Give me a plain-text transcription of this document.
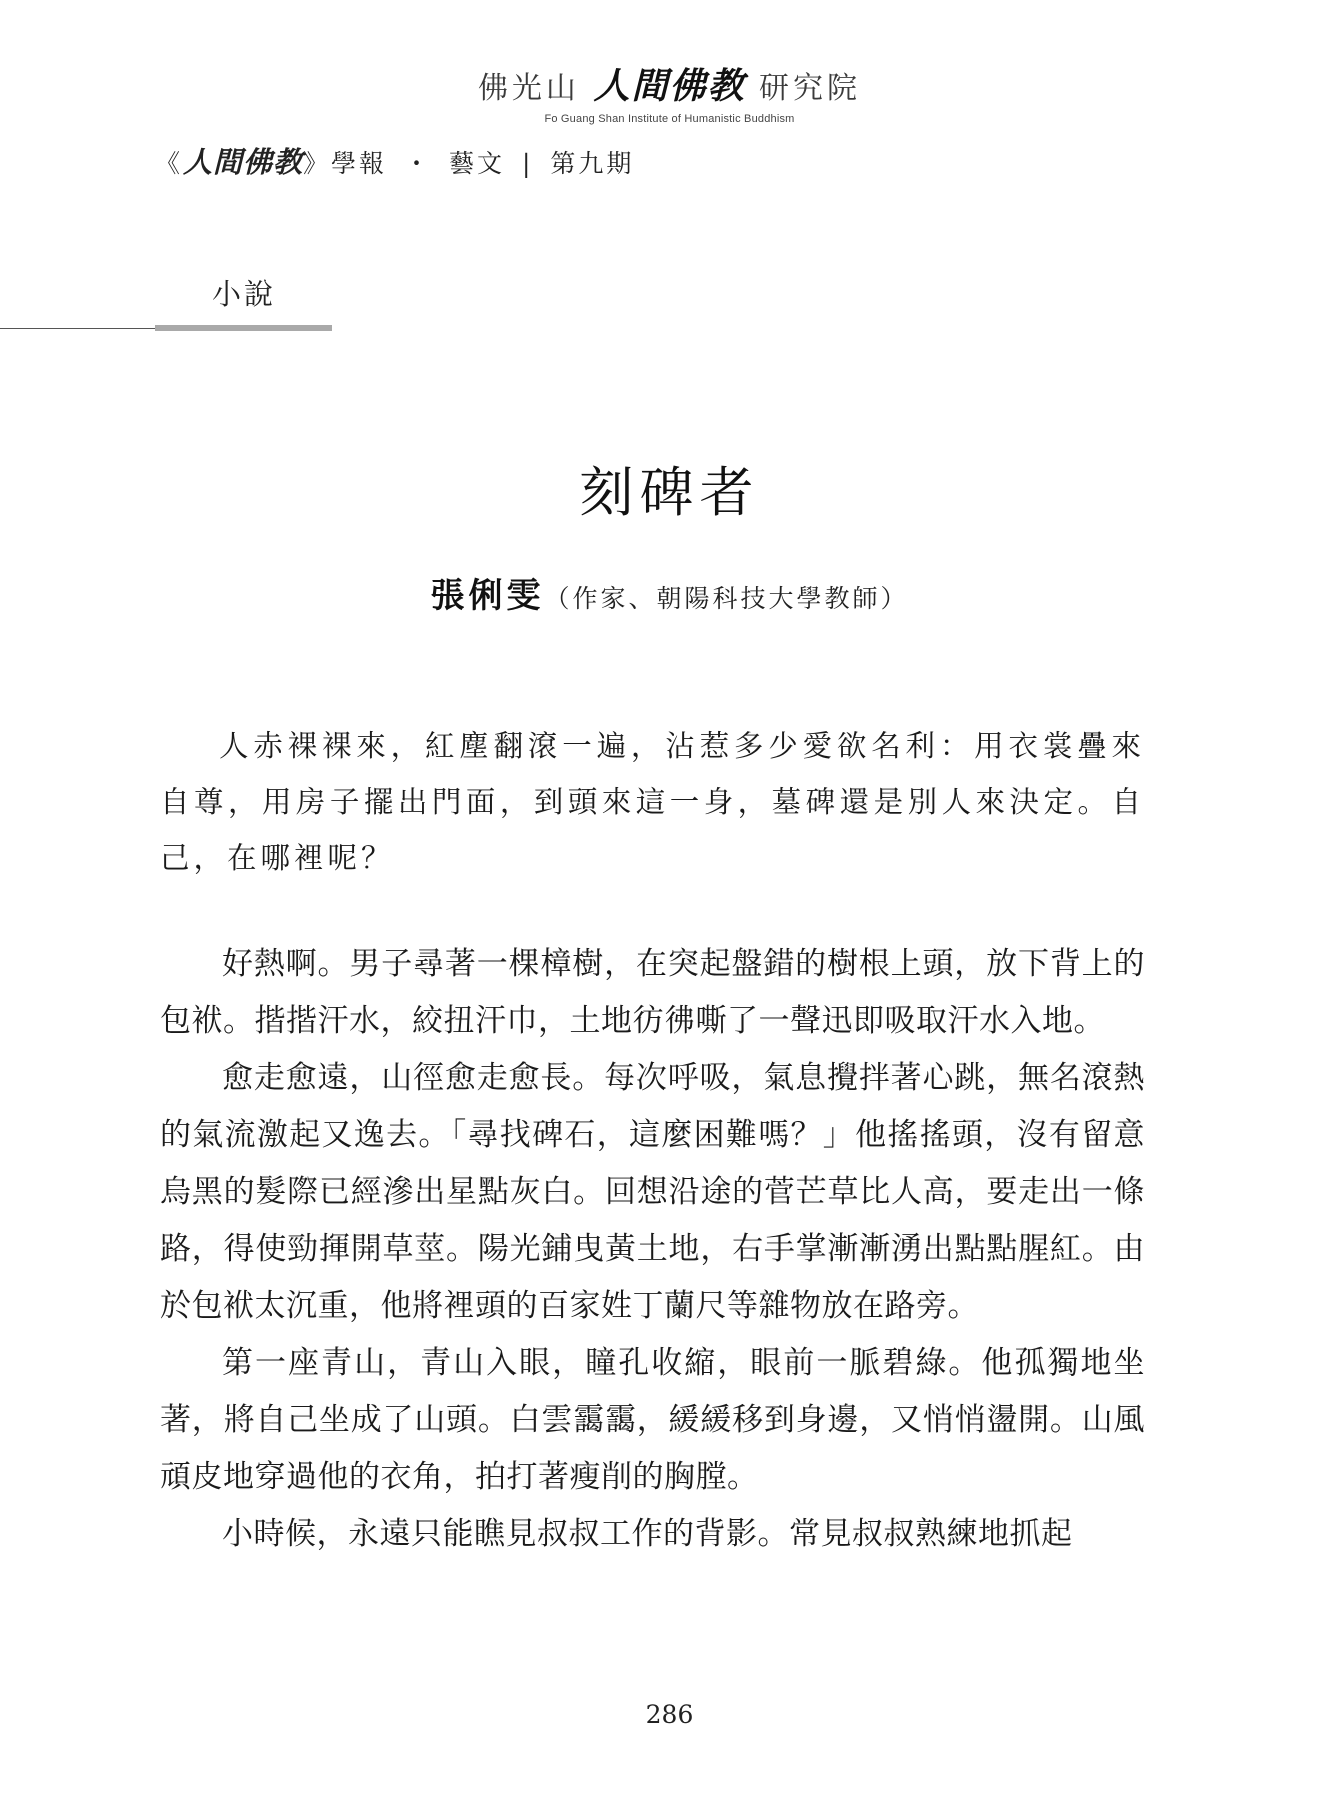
佛光山 人間佛教 研究院
Fo Guang Shan Institute of Humanistic Buddhism
《人間佛教》學報 ・ 藝文 | 第九期
小說
刻碑者
張俐雯（作家、朝陽科技大學教師）

人赤裸裸來，紅塵翻滾一遍，沾惹多少愛欲名利：用衣裳疊來自尊，用房子擺出門面，到頭來這一身，墓碑還是別人來決定。自己，在哪裡呢？

好熱啊。男子尋著一棵樟樹，在突起盤錯的樹根上頭，放下背上的包袱。揩揩汗水，絞扭汗巾，土地彷彿嘶了一聲迅即吸取汗水入地。

愈走愈遠，山徑愈走愈長。每次呼吸，氣息攪拌著心跳，無名滾熱的氣流激起又逸去。「尋找碑石，這麼困難嗎？」他搖搖頭，沒有留意烏黑的髮際已經滲出星點灰白。回想沿途的菅芒草比人高，要走出一條路，得使勁揮開草莖。陽光鋪曳黃土地，右手掌漸漸湧出點點腥紅。由於包袱太沉重，他將裡頭的百家姓丁蘭尺等雜物放在路旁。

第一座青山，青山入眼，瞳孔收縮，眼前一脈碧綠。他孤獨地坐著，將自己坐成了山頭。白雲靄靄，緩緩移到身邊，又悄悄盪開。山風頑皮地穿過他的衣角，拍打著瘦削的胸膛。

小時候，永遠只能瞧見叔叔工作的背影。常見叔叔熟練地抓起

286
